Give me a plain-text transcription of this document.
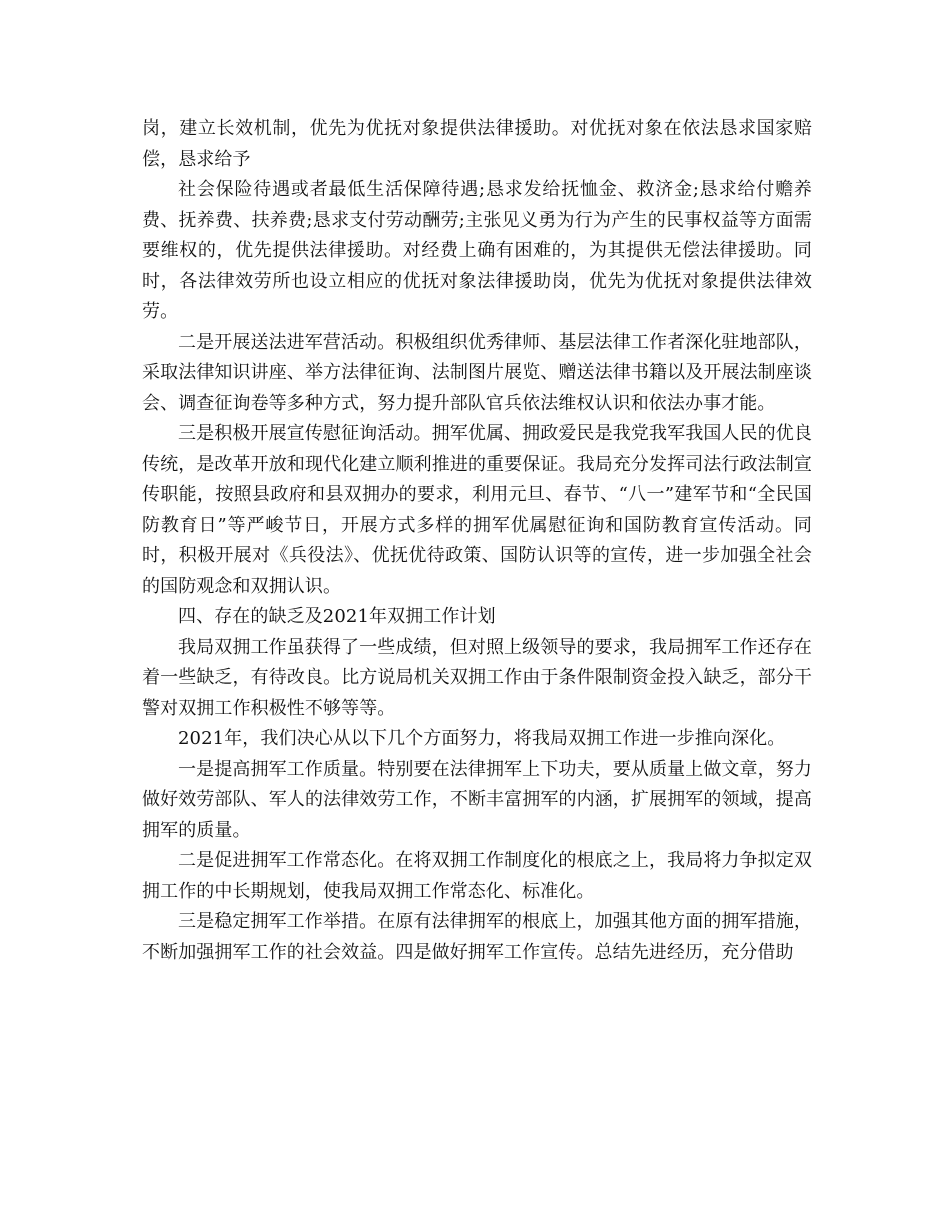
岗，建立长效机制，优先为优抚对象提供法律援助。对优抚对象在依法恳求国家赔偿，恳求给予

社会保险待遇或者最低生活保障待遇;恳求发给抚恤金、救济金;恳求给付赡养费、抚养费、扶养费;恳求支付劳动酬劳;主张见义勇为行为产生的民事权益等方面需要维权的，优先提供法律援助。对经费上确有困难的，为其提供无偿法律援助。同时，各法律效劳所也设立相应的优抚对象法律援助岗，优先为优抚对象提供法律效劳。

二是开展送法进军营活动。积极组织优秀律师、基层法律工作者深化驻地部队，采取法律知识讲座、举方法律征询、法制图片展览、赠送法律书籍以及开展法制座谈会、调查征询卷等多种方式，努力提升部队官兵依法维权认识和依法办事才能。

三是积极开展宣传慰征询活动。拥军优属、拥政爱民是我党我军我国人民的优良传统，是改革开放和现代化建立顺利推进的重要保证。我局充分发挥司法行政法制宣传职能，按照县政府和县双拥办的要求，利用元旦、春节、“八一”建军节和“全民国防教育日”等严峻节日，开展方式多样的拥军优属慰征询和国防教育宣传活动。同时，积极开展对《兵役法》、优抚优待政策、国防认识等的宣传，进一步加强全社会的国防观念和双拥认识。

四、存在的缺乏及2021年双拥工作计划

我局双拥工作虽获得了一些成绩，但对照上级领导的要求，我局拥军工作还存在着一些缺乏，有待改良。比方说局机关双拥工作由于条件限制资金投入缺乏，部分干警对双拥工作积极性不够等等。

2021年，我们决心从以下几个方面努力，将我局双拥工作进一步推向深化。

一是提高拥军工作质量。特别要在法律拥军上下功夫，要从质量上做文章，努力做好效劳部队、军人的法律效劳工作，不断丰富拥军的内涵，扩展拥军的领域，提高拥军的质量。

二是促进拥军工作常态化。在将双拥工作制度化的根底之上，我局将力争拟定双拥工作的中长期规划，使我局双拥工作常态化、标准化。

三是稳定拥军工作举措。在原有法律拥军的根底上，加强其他方面的拥军措施，不断加强拥军工作的社会效益。四是做好拥军工作宣传。总结先进经历，充分借助
